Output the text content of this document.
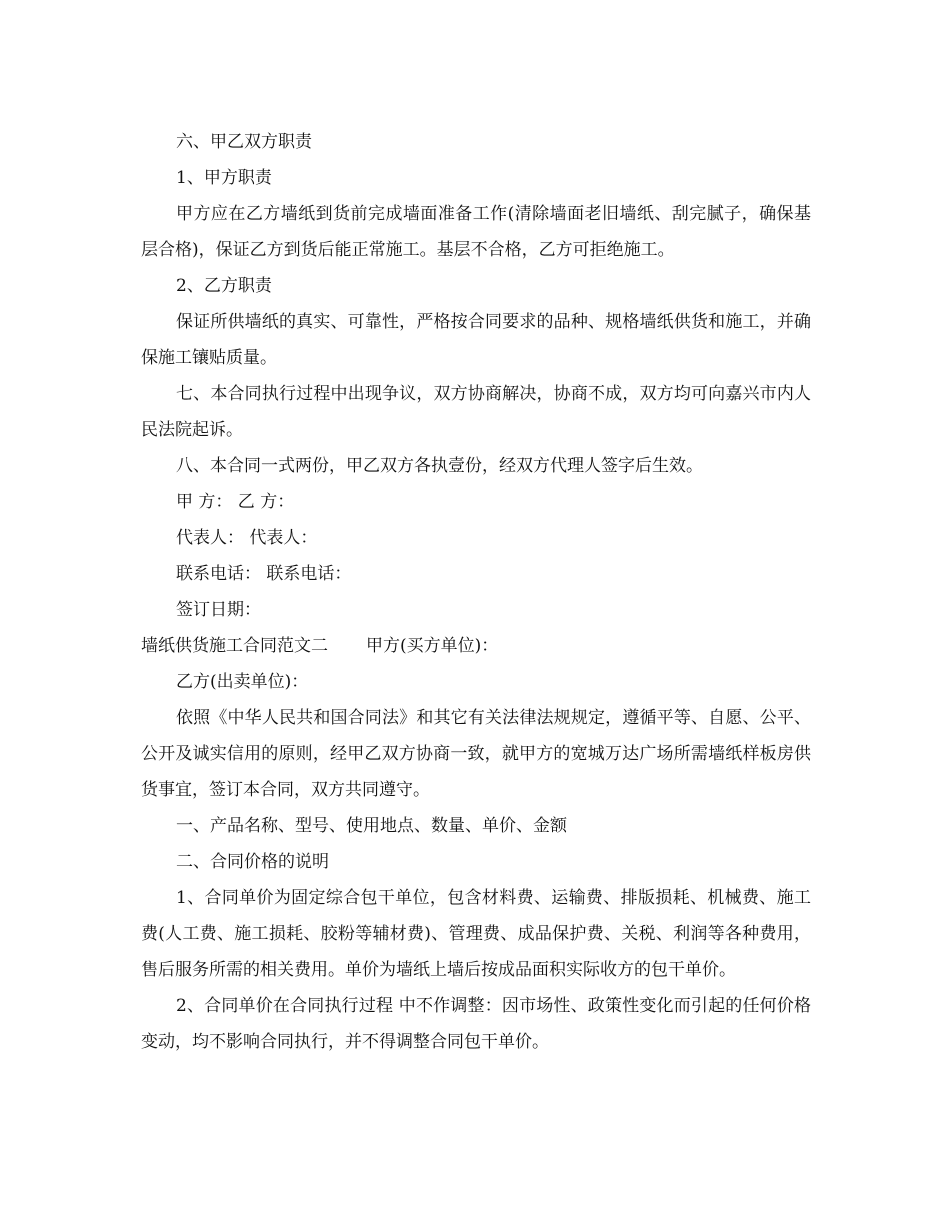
六、甲乙双方职责

1、甲方职责

甲方应在乙方墙纸到货前完成墙面准备工作(清除墙面老旧墙纸、刮完腻子，确保基层合格)，保证乙方到货后能正常施工。基层不合格，乙方可拒绝施工。

2、乙方职责

保证所供墙纸的真实、可靠性，严格按合同要求的品种、规格墙纸供货和施工，并确保施工镶贴质量。

七、本合同执行过程中出现争议，双方协商解决，协商不成，双方均可向嘉兴市内人民法院起诉。

八、本合同一式两份，甲乙双方各执壹份，经双方代理人签字后生效。

甲 方： 乙 方：

代表人： 代表人：

联系电话： 联系电话：

签订日期：

墙纸供货施工合同范文二 甲方(买方单位)：

乙方(出卖单位)：

依照《中华人民共和国合同法》和其它有关法律法规规定，遵循平等、自愿、公平、公开及诚实信用的原则，经甲乙双方协商一致，就甲方的宽城万达广场所需墙纸样板房供货事宜，签订本合同，双方共同遵守。

一、产品名称、型号、使用地点、数量、单价、金额

二、合同价格的说明

1、合同单价为固定综合包干单位，包含材料费、运输费、排版损耗、机械费、施工费(人工费、施工损耗、胶粉等辅材费)、管理费、成品保护费、关税、利润等各种费用，售后服务所需的相关费用。单价为墙纸上墙后按成品面积实际收方的包干单价。

2、合同单价在合同执行过程 中不作调整：因市场性、政策性变化而引起的任何价格变动，均不影响合同执行，并不得调整合同包干单价。
